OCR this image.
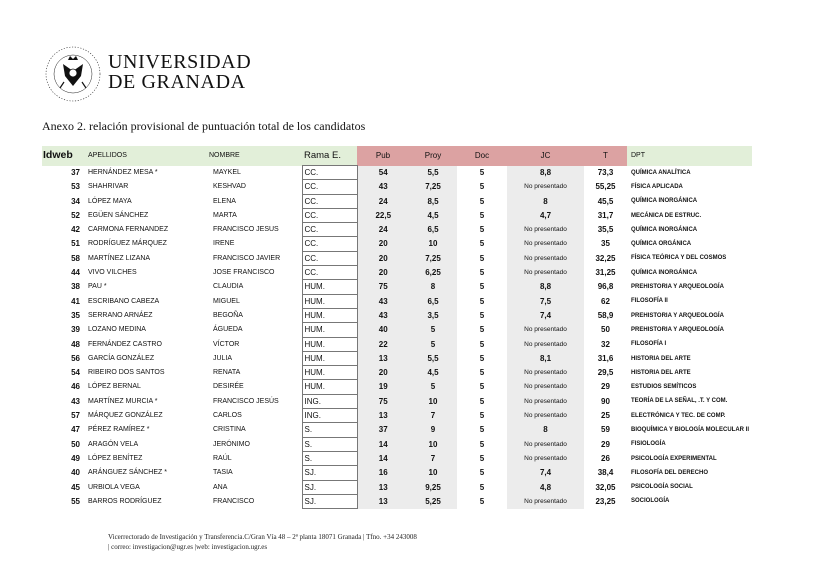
UNIVERSIDAD
DE GRANADA
Anexo 2. relación provisional de puntuación total de los candidatos
Idweb	APELLIDOS	NOMBRE	Rama E.	Pub	Proy	Doc	JC	T	DPT
37	HERNÁNDEZ MESA *	MAYKEL	CC.	54	5,5	5	8,8	73,3	QUÍMICA ANALÍTICA
53	SHAHRIVAR	KESHVAD	CC.	43	7,25	5	No presentado	55,25	FÍSICA APLICADA
34	LÓPEZ MAYA	ELENA	CC.	24	8,5	5	8	45,5	QUÍMICA INORGÁNICA
52	EGÜEN SÁNCHEZ	MARTA	CC.	22,5	4,5	5	4,7	31,7	MECÁNICA DE ESTRUC.
42	CARMONA FERNANDEZ	FRANCISCO JESUS	CC.	24	6,5	5	No presentado	35,5	QUÍMICA INORGÁNICA
51	RODRÍGUEZ MÁRQUEZ	IRENE	CC.	20	10	5	No presentado	35	QUÍMICA ORGÁNICA
58	MARTÍNEZ LIZANA	FRANCISCO JAVIER	CC.	20	7,25	5	No presentado	32,25	FÍSICA TEÓRICA Y DEL COSMOS
44	VIVO VILCHES	JOSE FRANCISCO	CC.	20	6,25	5	No presentado	31,25	QUÍMICA INORGÁNICA
38	PAU *	CLAUDIA	HUM.	75	8	5	8,8	96,8	PREHISTORIA Y ARQUEOLOGÍA
41	ESCRIBANO CABEZA	MIGUEL	HUM.	43	6,5	5	7,5	62	FILOSOFÍA II
35	SERRANO ARNÁEZ	BEGOÑA	HUM.	43	3,5	5	7,4	58,9	PREHISTORIA Y ARQUEOLOGÍA
39	LOZANO MEDINA	ÁGUEDA	HUM.	40	5	5	No presentado	50	PREHISTORIA Y ARQUEOLOGÍA
48	FERNÁNDEZ CASTRO	VÍCTOR	HUM.	22	5	5	No presentado	32	FILOSOFÍA I
56	GARCÍA GONZÁLEZ	JULIA	HUM.	13	5,5	5	8,1	31,6	HISTORIA DEL ARTE
54	RIBEIRO DOS SANTOS	RENATA	HUM.	20	4,5	5	No presentado	29,5	HISTORIA DEL ARTE
46	LÓPEZ BERNAL	DESIRÉE	HUM.	19	5	5	No presentado	29	ESTUDIOS SEMÍTICOS
43	MARTÍNEZ MURCIA *	FRANCISCO JESÚS	ING.	75	10	5	No presentado	90	TEORÍA DE LA SEÑAL, .T. Y COM.
57	MÁRQUEZ GONZÁLEZ	CARLOS	ING.	13	7	5	No presentado	25	ELECTRÓNICA Y TEC. DE COMP.
47	PÉREZ RAMÍREZ *	CRISTINA	S.	37	9	5	8	59	BIOQUÍMICA Y BIOLOGÍA MOLECULAR II
50	ARAGÓN VELA	JERÓNIMO	S.	14	10	5	No presentado	29	FISIOLOGÍA
49	LÓPEZ BENÍTEZ	RAÚL	S.	14	7	5	No presentado	26	PSICOLOGÍA EXPERIMENTAL
40	ARÁNGUEZ SÁNCHEZ *	TASIA	SJ.	16	10	5	7,4	38,4	FILOSOFÍA DEL DERECHO
45	URBIOLA VEGA	ANA	SJ.	13	9,25	5	4,8	32,05	PSICOLOGÍA SOCIAL
55	BARROS RODRÍGUEZ	FRANCISCO	SJ.	13	5,25	5	No presentado	23,25	SOCIOLOGÍA
Vicerrectorado de Investigación y Transferencia.C/Gran Vía 48 – 2ª planta 18071 Granada | Tfno. +34 243008
| correo: investigacion@ugr.es |web: investigacion.ugr.es
